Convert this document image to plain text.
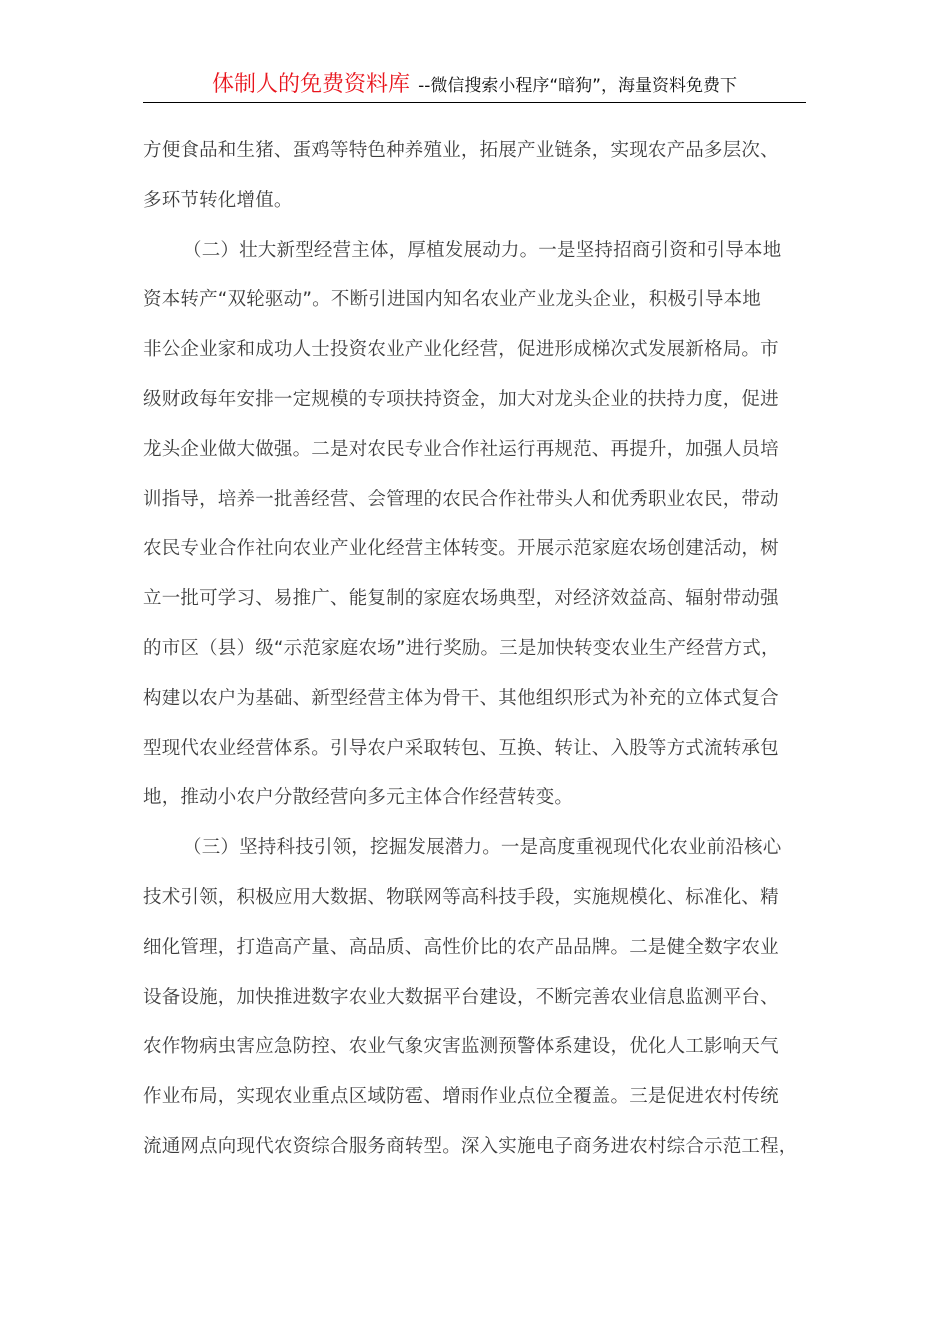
体制人的免费资料库 --微信搜索小程序“暗狗”，海量资料免费下
方便食品和生猪、蛋鸡等特色种养殖业，拓展产业链条，实现农产品多层次、
多环节转化增值。
（二）壮大新型经营主体，厚植发展动力。一是坚持招商引资和引导本地
资本转产“双轮驱动”。不断引进国内知名农业产业龙头企业，积极引导本地
非公企业家和成功人士投资农业产业化经营，促进形成梯次式发展新格局。市
级财政每年安排一定规模的专项扶持资金，加大对龙头企业的扶持力度，促进
龙头企业做大做强。二是对农民专业合作社运行再规范、再提升，加强人员培
训指导，培养一批善经营、会管理的农民合作社带头人和优秀职业农民，带动
农民专业合作社向农业产业化经营主体转变。开展示范家庭农场创建活动，树
立一批可学习、易推广、能复制的家庭农场典型，对经济效益高、辐射带动强
的市区（县）级“示范家庭农场”进行奖励。三是加快转变农业生产经营方式，
构建以农户为基础、新型经营主体为骨干、其他组织形式为补充的立体式复合
型现代农业经营体系。引导农户采取转包、互换、转让、入股等方式流转承包
地，推动小农户分散经营向多元主体合作经营转变。
（三）坚持科技引领，挖掘发展潜力。一是高度重视现代化农业前沿核心
技术引领，积极应用大数据、物联网等高科技手段，实施规模化、标准化、精
细化管理，打造高产量、高品质、高性价比的农产品品牌。二是健全数字农业
设备设施，加快推进数字农业大数据平台建设，不断完善农业信息监测平台、
农作物病虫害应急防控、农业气象灾害监测预警体系建设，优化人工影响天气
作业布局，实现农业重点区域防雹、增雨作业点位全覆盖。三是促进农村传统
流通网点向现代农资综合服务商转型。深入实施电子商务进农村综合示范工程，
